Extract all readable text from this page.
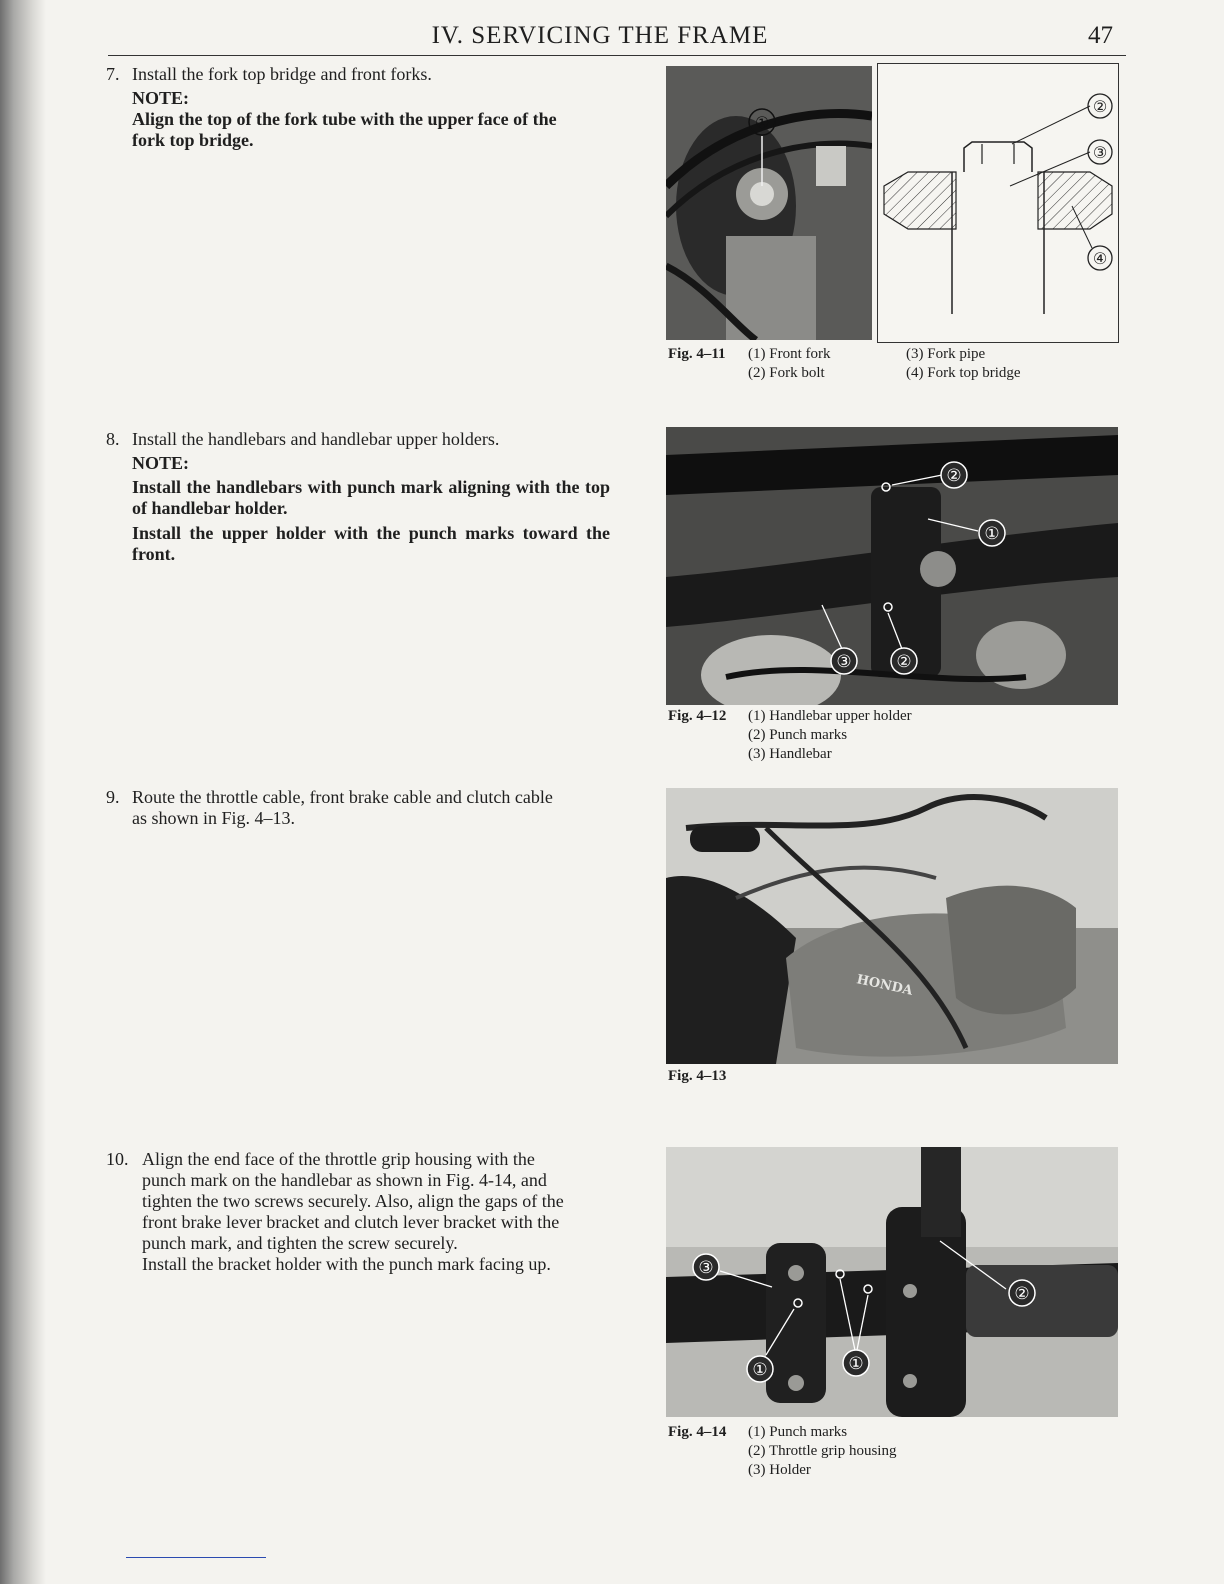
IV. SERVICING THE FRAME	47
7. Install the fork top bridge and front forks.
NOTE:
Align the top of the fork tube with the upper face of the
fork top bridge.
①
②
③
④
Fig. 4–11 (1) Front fork
(2) Fork bolt
(3) Fork pipe
(4) Fork top bridge
8. Install the handlebars and handlebar upper holders.
NOTE:
Install the handlebars with punch mark aligning with the top of handlebar holder.
Install the upper holder with the punch marks toward the front.
②
①
③	②
Fig. 4–12 (1) Handlebar upper holder
(2) Punch marks
(3) Handlebar
9. Route the throttle cable, front brake cable and clutch cable
as shown in Fig. 4–13.
HONDA
Fig. 4–13
10. Align the end face of the throttle grip housing with the
punch mark on the handlebar as shown in Fig. 4-14, and
tighten the two screws securely. Also, align the gaps of the
front brake lever bracket and clutch lever bracket with the
punch mark, and tighten the screw securely.
Install the bracket holder with the punch mark facing up.	③
②
①	①
Fig. 4–14 (1) Punch marks
(2) Throttle grip housing
(3) Holder
